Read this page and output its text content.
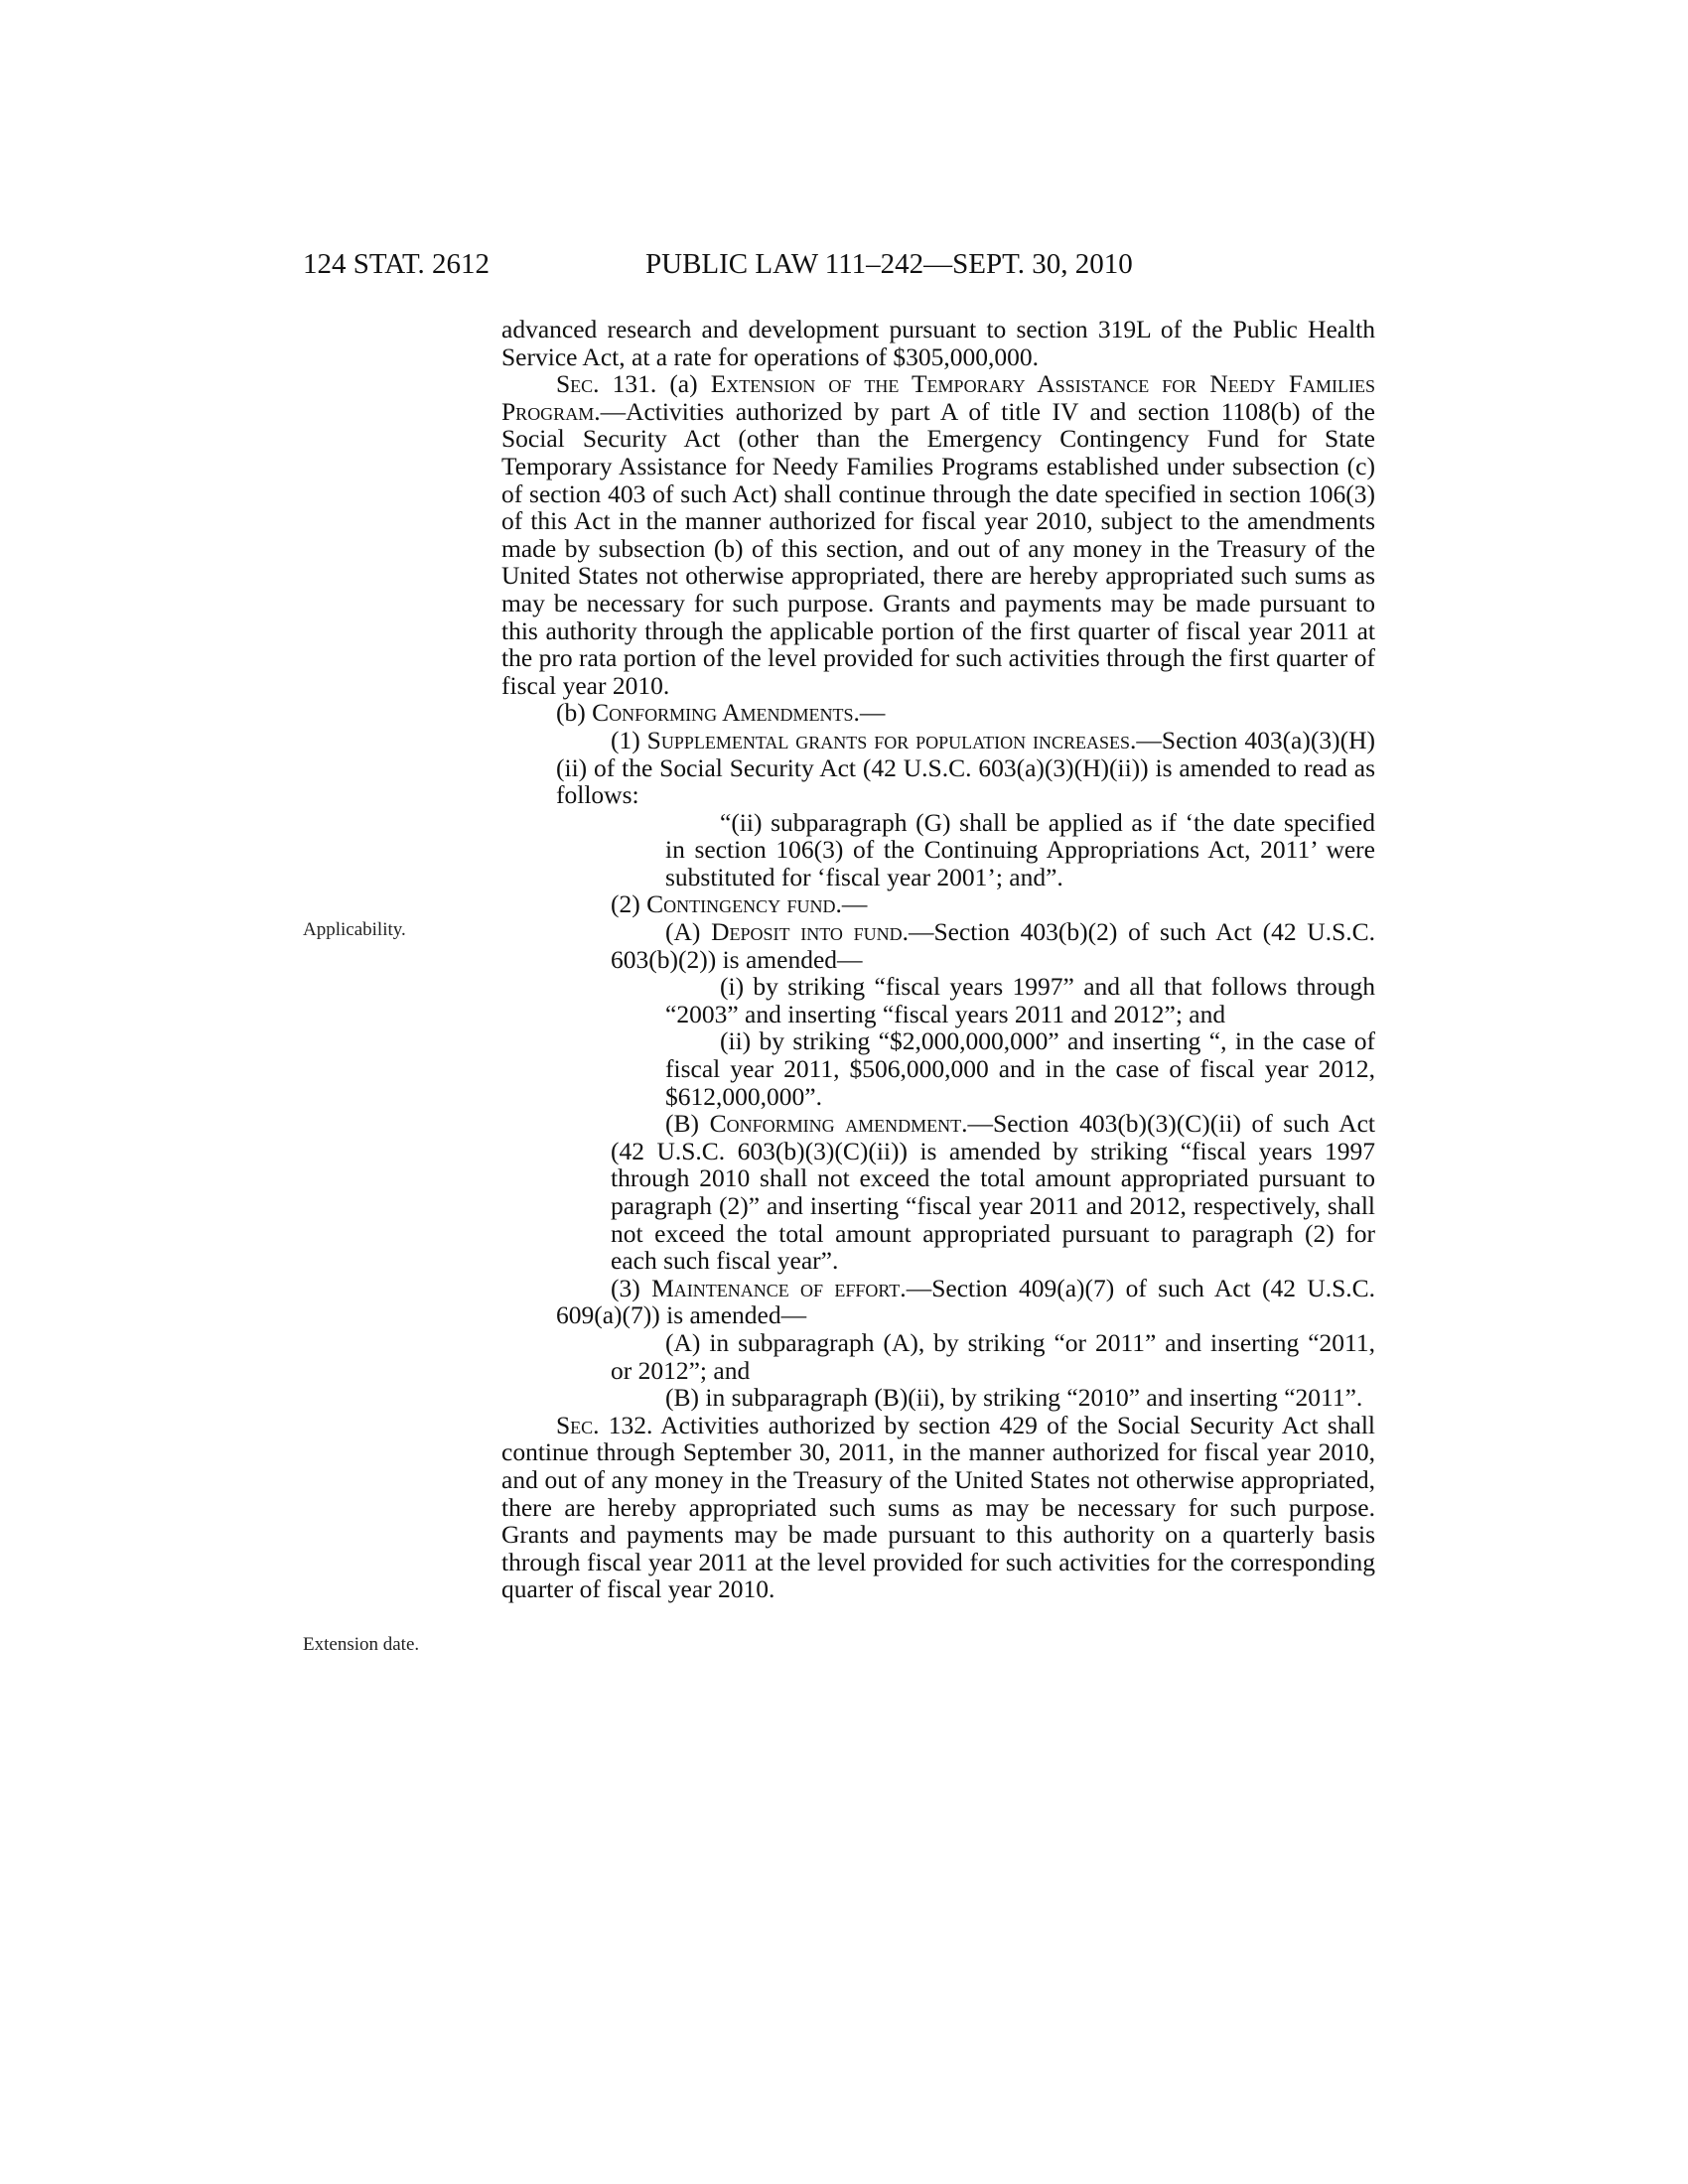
124 STAT. 2612	PUBLIC LAW 111–242—SEPT. 30, 2010
Applicability.
Extension date.

advanced research and development pursuant to section 319L of the Public Health Service Act, at a rate for operations of $305,000,000.

Sec. 131. (a) Extension of the Temporary Assistance for Needy Families Program.—Activities authorized by part A of title IV and section 1108(b) of the Social Security Act (other than the Emergency Contingency Fund for State Temporary Assistance for Needy Families Programs established under subsection (c) of section 403 of such Act) shall continue through the date specified in section 106(3) of this Act in the manner authorized for fiscal year 2010, subject to the amendments made by subsection (b) of this section, and out of any money in the Treasury of the United States not otherwise appropriated, there are hereby appropriated such sums as may be necessary for such purpose. Grants and payments may be made pursuant to this authority through the applicable portion of the first quarter of fiscal year 2011 at the pro rata portion of the level provided for such activities through the first quarter of fiscal year 2010.

(b) Conforming Amendments.—

(1) Supplemental grants for population increases.—Section 403(a)(3)(H)(ii) of the Social Security Act (42 U.S.C. 603(a)(3)(H)(ii)) is amended to read as follows:

“(ii) subparagraph (G) shall be applied as if ‘the date specified in section 106(3) of the Continuing Appropriations Act, 2011’ were substituted for ‘fiscal year 2001’; and”.

(2) Contingency fund.—

(A) Deposit into fund.—Section 403(b)(2) of such Act (42 U.S.C. 603(b)(2)) is amended—

(i) by striking “fiscal years 1997” and all that follows through “2003” and inserting “fiscal years 2011 and 2012”; and

(ii) by striking “$2,000,000,000” and inserting “, in the case of fiscal year 2011, $506,000,000 and in the case of fiscal year 2012, $612,000,000”.

(B) Conforming amendment.—Section 403(b)(3)(C)(ii) of such Act (42 U.S.C. 603(b)(3)(C)(ii)) is amended by striking “fiscal years 1997 through 2010 shall not exceed the total amount appropriated pursuant to paragraph (2)” and inserting “fiscal year 2011 and 2012, respectively, shall not exceed the total amount appropriated pursuant to paragraph (2) for each such fiscal year”.

(3) Maintenance of effort.—Section 409(a)(7) of such Act (42 U.S.C. 609(a)(7)) is amended—

(A) in subparagraph (A), by striking “or 2011” and inserting “2011, or 2012”; and

(B) in subparagraph (B)(ii), by striking “2010” and inserting “2011”.

Sec. 132. Activities authorized by section 429 of the Social Security Act shall continue through September 30, 2011, in the manner authorized for fiscal year 2010, and out of any money in the Treasury of the United States not otherwise appropriated, there are hereby appropriated such sums as may be necessary for such purpose. Grants and payments may be made pursuant to this authority on a quarterly basis through fiscal year 2011 at the level provided for such activities for the corresponding quarter of fiscal year 2010.
